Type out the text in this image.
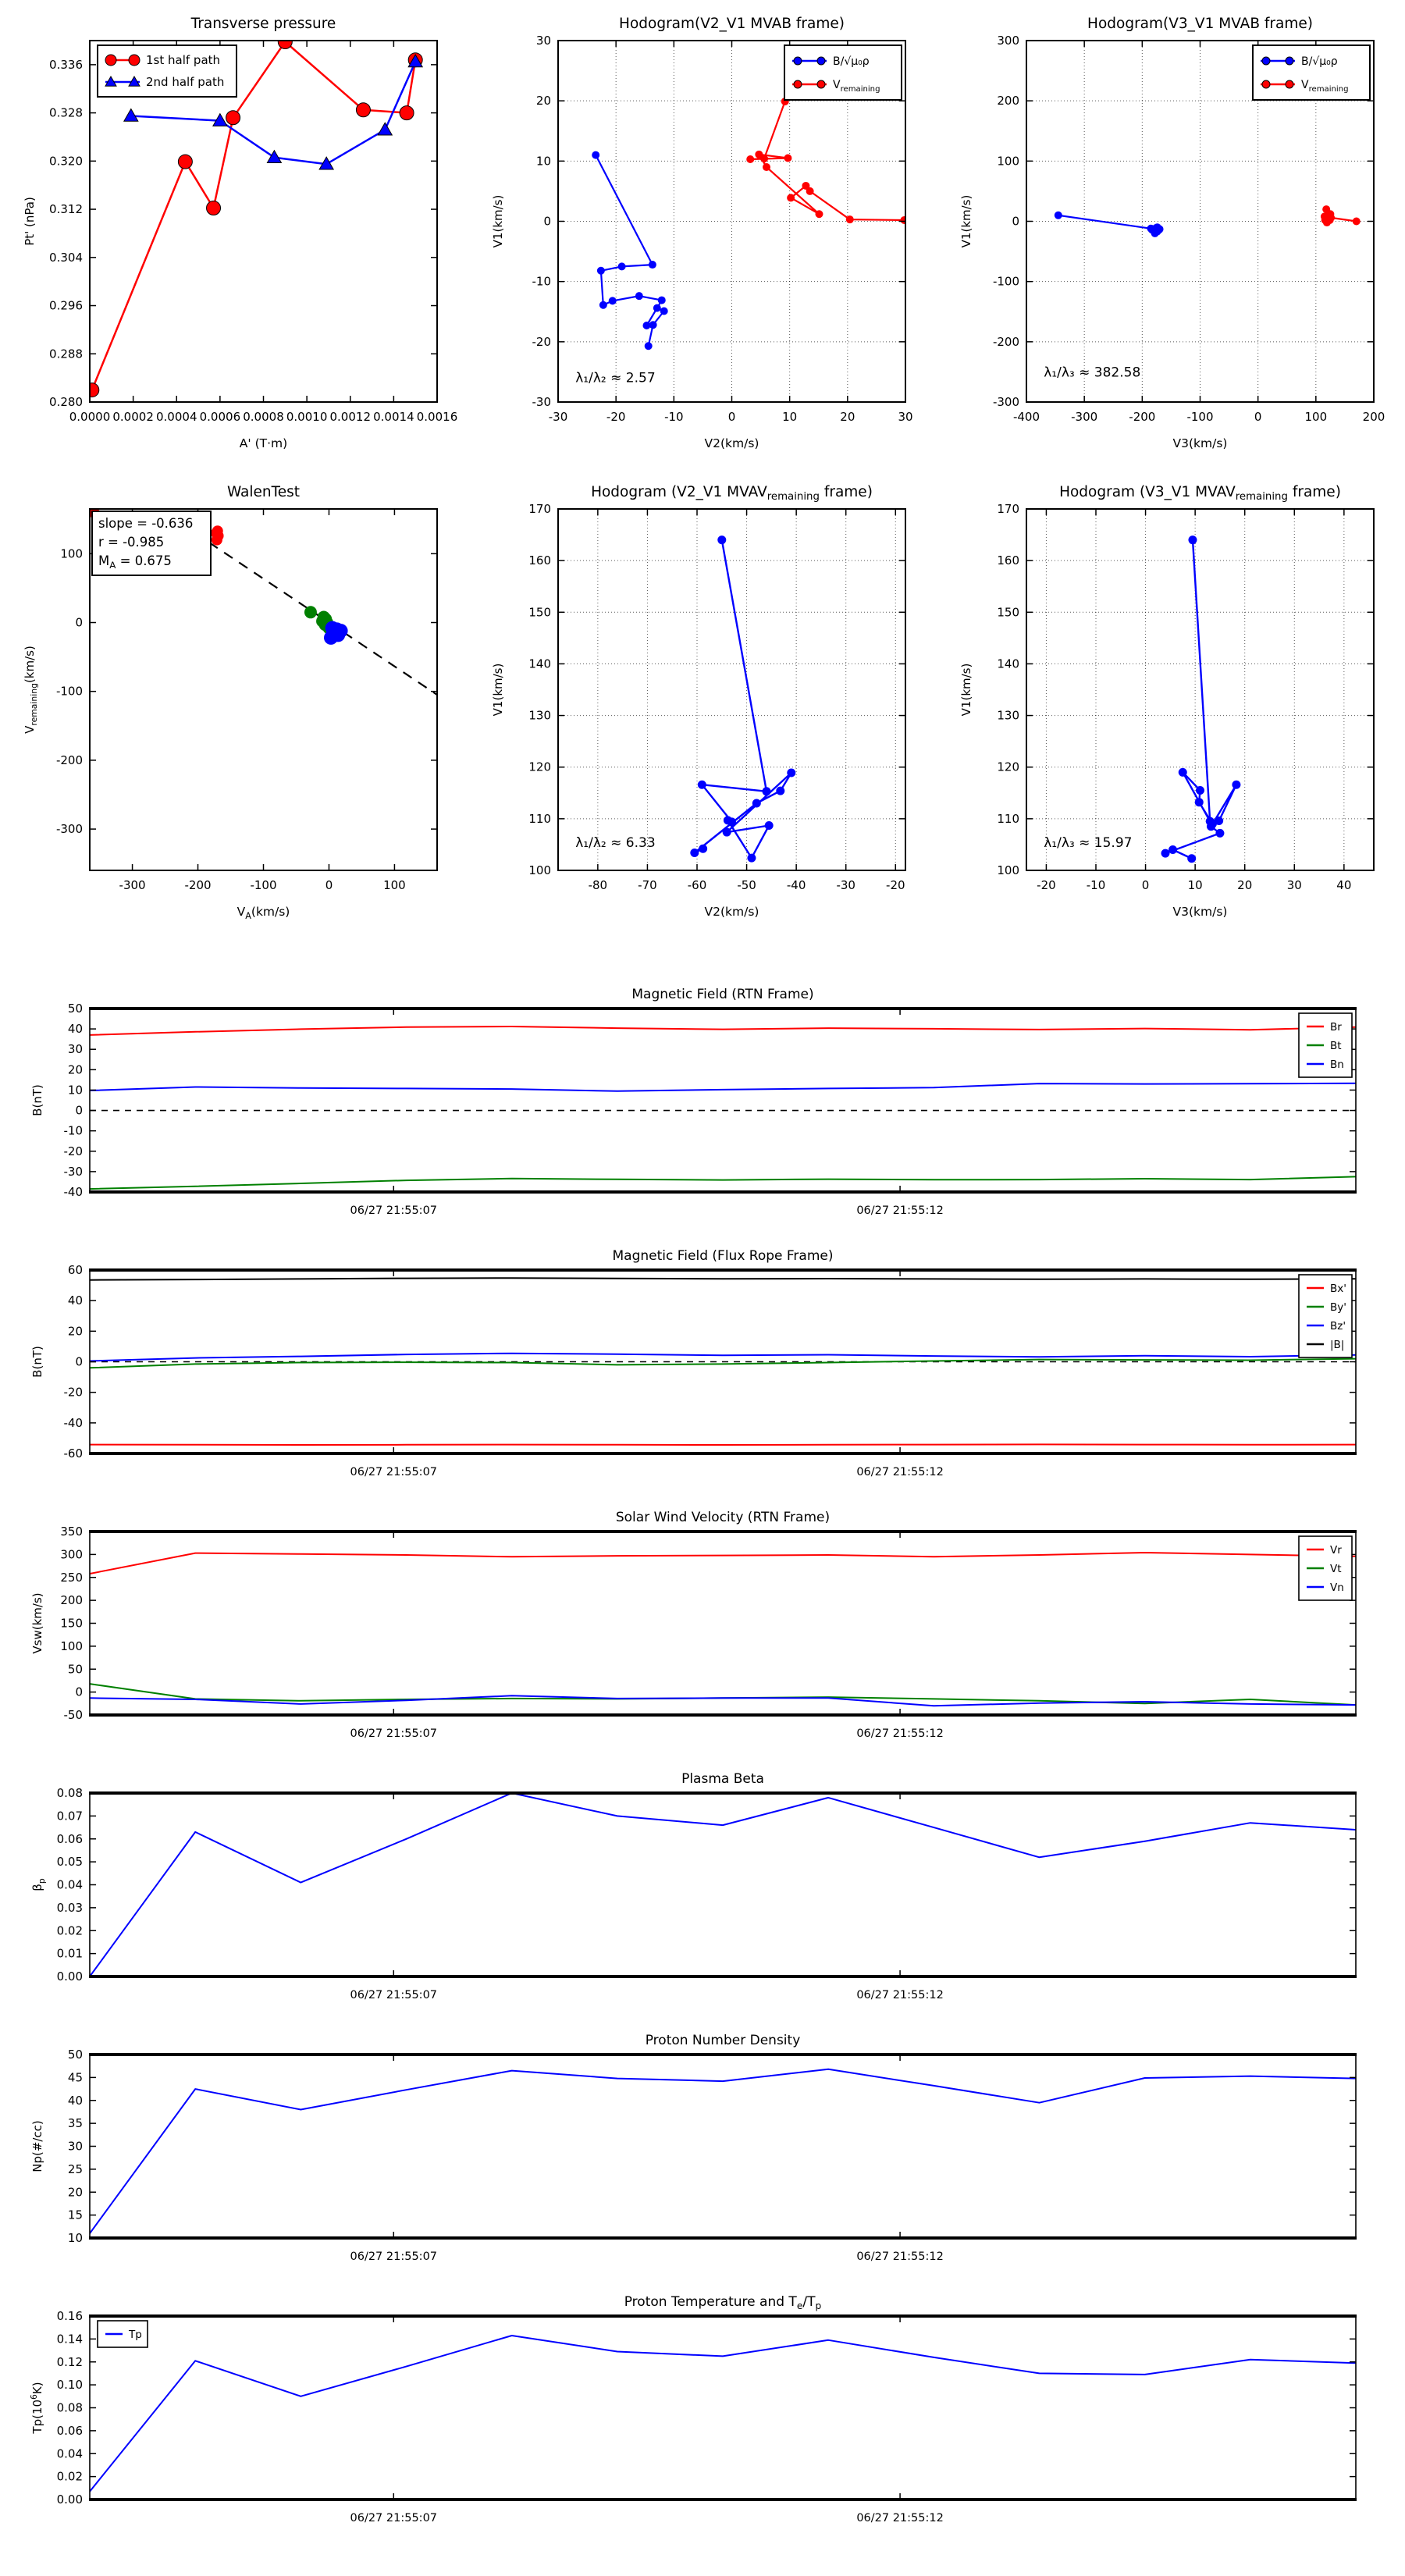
0.0000 0.0002 0.0004 0.0006 0.0008 0.0010 0.0012 0.0014 0.0016
0.280
0.288
0.296
0.304
0.312
0.320
0.328
0.336
Transverse pressure
A' (T·m)
Pt' (nPa)
1st half path
2nd half path
-30	-20	-10	0	10	20	30
-30
-20
-10
0
10
20
30
Hodogram(V2_V1 MVAB frame)
V2(km/s)
V1(km/s)
λ₁/λ₂ ≈ 2.57
B/√μ₀ρ
$V_{remaining}$
-400	-300	-200	-100	0	100	200
-300
-200
-100
0
100
200
300
Hodogram(V3_V1 MVAB frame)
V3(km/s)
V1(km/s)
λ₁/λ₃ ≈ 382.58
B/√μ₀ρ
$V_{remaining}$
-300	-200	-100	0	100
-300
-200
-100
0
100
WalenTest
$V_A(km/s)$
$V_{remaining}(km/s)$
slope = -0.636
r = -0.985
$M_A = 0.675$
-80	-70	-60	-50	-40	-30	-20
100
110
120
130
140
150
160
170
Hodogram (V2_V1 $MVAV_{remaining}$ frame)
V2(km/s)
V1(km/s)
λ₁/λ₂ ≈ 6.33
-20	-10	0	10	20	30	40
100
110
120
130
140
150
160
170
Hodogram (V3_V1 $MVAV_{remaining}$ frame)
V3(km/s)
V1(km/s)
λ₁/λ₃ ≈ 15.97
06/27 21:55:07	06/27 21:55:12
-40
-30
-20
-10
0
10
20
30
40
50
Magnetic Field (RTN Frame)
B(nT)
Br
Bt
Bn
06/27 21:55:07	06/27 21:55:12
-60
-40
-20
0
20
40
60
Magnetic Field (Flux Rope Frame)
B(nT)
Bx'
By'
Bz'
|B|
06/27 21:55:07	06/27 21:55:12
-50
0
50
100
150
200
250
300
350
Solar Wind Velocity (RTN Frame)
Vsw(km/s)
Vr
Vt
Vn
06/27 21:55:07	06/27 21:55:12
0.00
0.01
0.02
0.03
0.04
0.05
0.06
0.07
0.08
Plasma Beta
$\beta_p$
06/27 21:55:07	06/27 21:55:12
10
15
20
25
30
35
40
45
50
Proton Number Density
Np(#/cc)
06/27 21:55:07	06/27 21:55:12
0.00
0.02
0.04
0.06
0.08
0.10
0.12
0.14
0.16
Proton Temperature and $T_e/T_p$
$Tp(10^6K)$
Tp
